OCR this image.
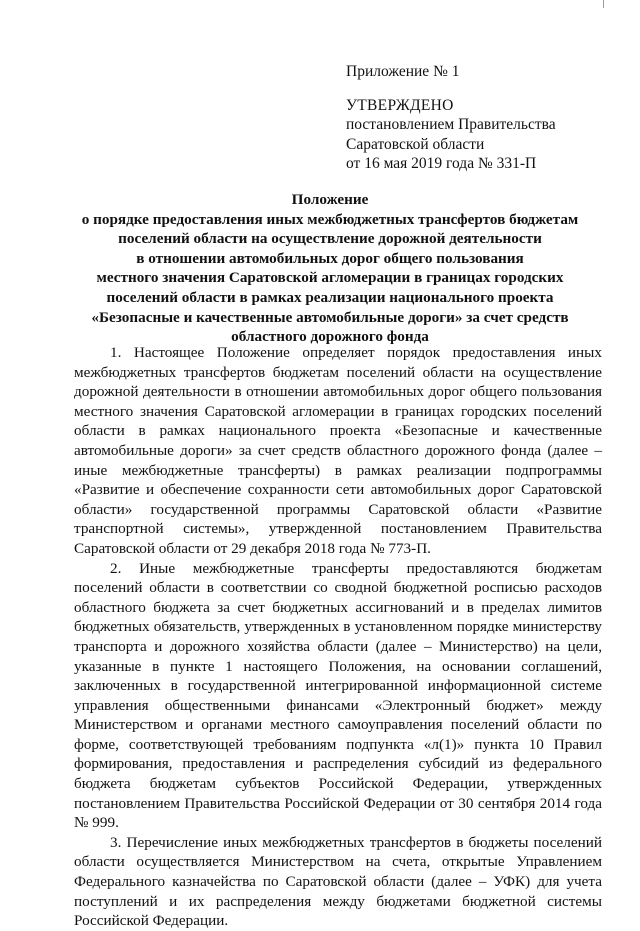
Приложение № 1
УТВЕРЖДЕНО
постановлением Правительства
Саратовской области
от 16 мая 2019 года № 331-П
Положение
о порядке предоставления иных межбюджетных трансфертов бюджетам
поселений области на осуществление дорожной деятельности
в отношении автомобильных дорог общего пользования
местного значения Саратовской агломерации в границах городских
поселений области в рамках реализации национального проекта
«Безопасные и качественные автомобильные дороги» за счет средств
областного дорожного фонда

1. Настоящее Положение определяет порядок предоставления иных межбюджетных трансфертов бюджетам поселений области на осуществление дорожной деятельности в отношении автомобильных дорог общего пользования местного значения Саратовской агломерации в границах городских поселений области в рамках национального проекта «Безопасные и качественные автомобильные дороги» за счет средств областного дорожного фонда (далее – иные межбюджетные трансферты) в рамках реализации подпрограммы «Развитие и обеспечение сохранности сети автомобильных дорог Саратовской области» государственной программы Саратовской области «Развитие транспортной системы», утвержденной постановлением Правительства Саратовской области от 29 декабря 2018 года № 773-П.

2. Иные межбюджетные трансферты предоставляются бюджетам поселений области в соответствии со сводной бюджетной росписью расходов областного бюджета за счет бюджетных ассигнований и в пределах лимитов бюджетных обязательств, утвержденных в установленном порядке министерству транспорта и дорожного хозяйства области (далее – Министерство) на цели, указанные в пункте 1 настоящего Положения, на основании соглашений, заключенных в государственной интегрированной информационной системе управления общественными финансами «Электронный бюджет» между Министерством и органами местного самоуправления поселений области по форме, соответствующей требованиям подпункта «л(1)» пункта 10 Правил формирования, предоставления и распределения субсидий из федерального бюджета бюджетам субъектов Российской Федерации, утвержденных постановлением Правительства Российской Федерации от 30 сентября 2014 года № 999.

3. Перечисление иных межбюджетных трансфертов в бюджеты поселений области осуществляется Министерством на счета, открытые Управлением Федерального казначейства по Саратовской области (далее – УФК) для учета поступлений и их распределения между бюджетами бюджетной системы Российской Федерации.
